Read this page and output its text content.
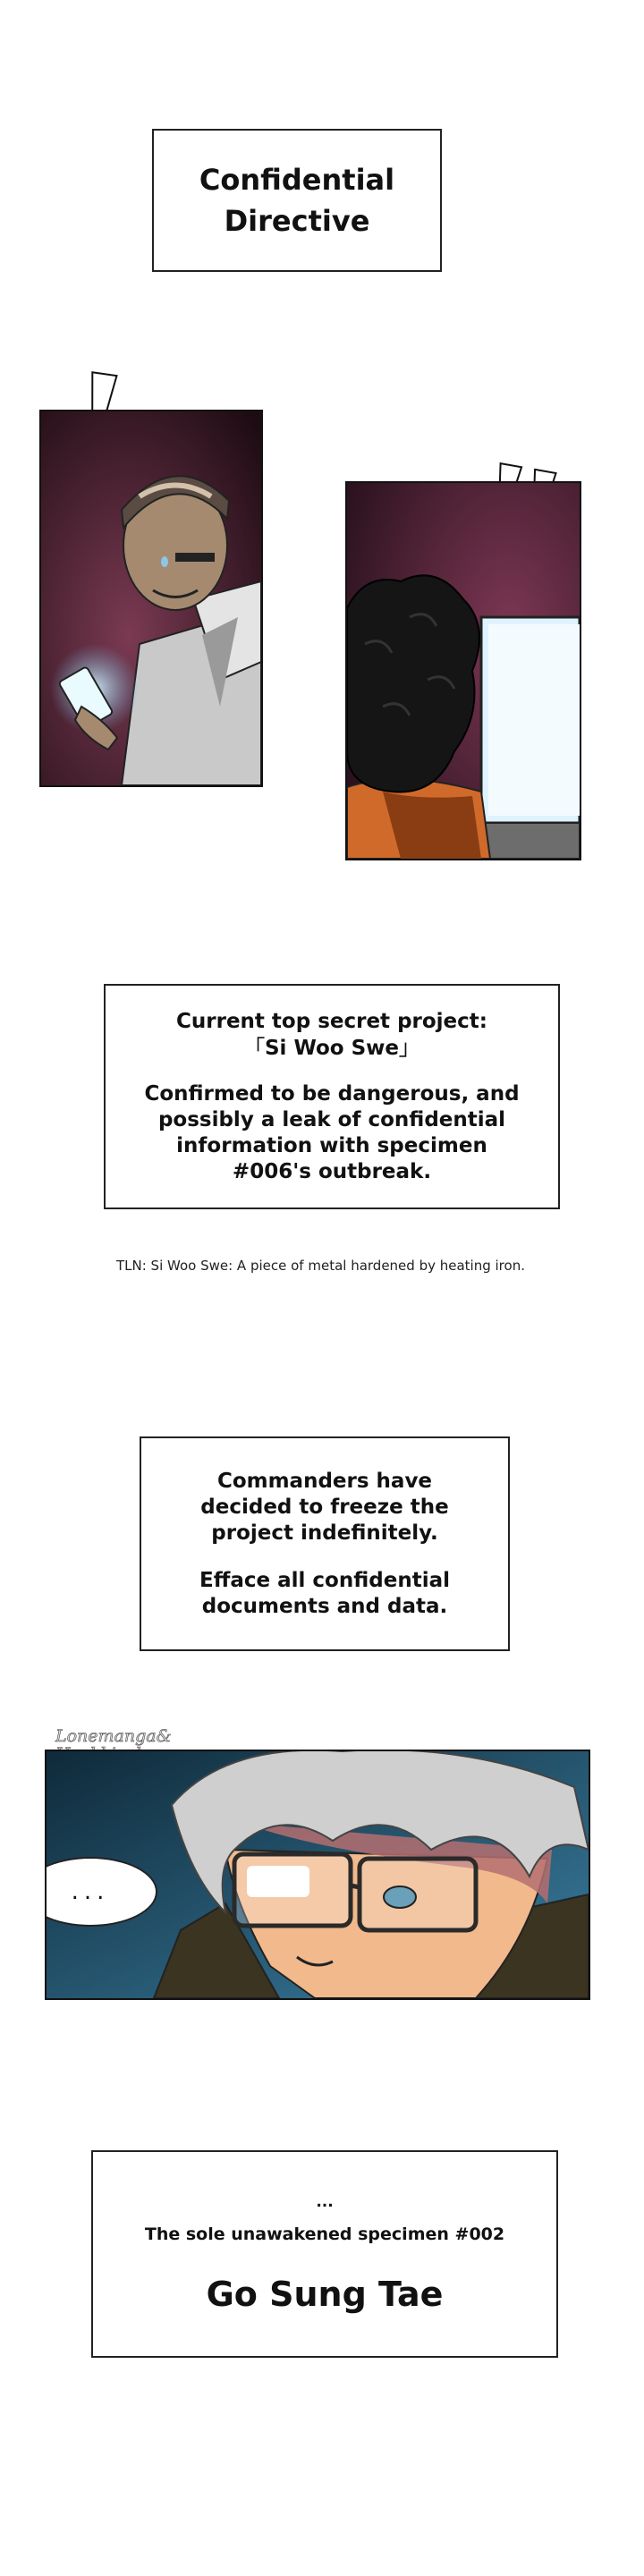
Confidential
Directive
Current top secret project:
「Si Woo Swe」
Confirmed to be dangerous, and
possibly a leak of confidential
information with specimen
#006's outbreak.
TLN: Si Woo Swe: A piece of metal hardened by heating iron.
Commanders have
decided to freeze the
project indefinitely.
Efface all confidential
documents and data.
Lonemanga&
...
...
The sole unawakened specimen #002
Go Sung Tae
